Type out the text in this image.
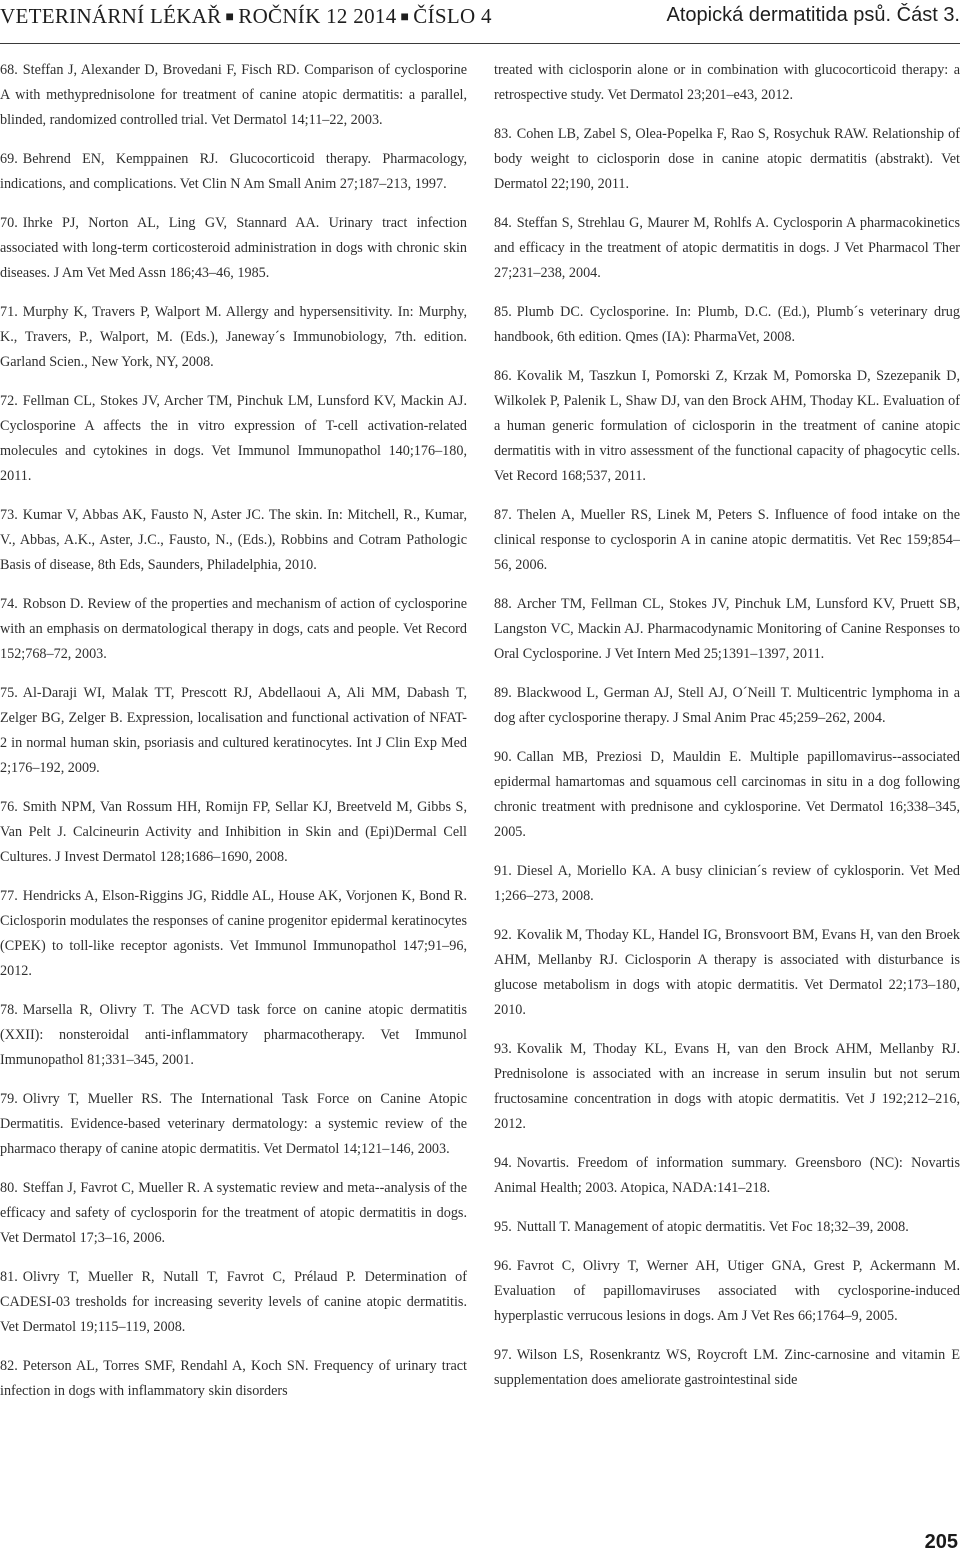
VETERINÁRNÍ LÉKAŘ ■ ROČNÍK 12 2014 ■ ČÍSLO 4	Atopická dermatitida psů. Část 3.

68. Steffan J, Alexander D, Brovedani F, Fisch RD. Comparison of cyclosporine A with methyprednisolone for treatment of canine atopic dermatitis: a parallel, blinded, randomized controlled trial. Vet Dermatol 14;11–22, 2003.

69. Behrend EN, Kemppainen RJ. Glucocorticoid therapy. Pharmacology, indications, and complications. Vet Clin N Am Small Anim 27;187–213, 1997.

70. Ihrke PJ, Norton AL, Ling GV, Stannard AA. Urinary tract infection associated with long-term corticosteroid administration in dogs with chronic skin diseases. J Am Vet Med Assn 186;43–46, 1985.

71. Murphy K, Travers P, Walport M. Allergy and hypersensitivity. In: Murphy, K., Travers, P., Walport, M. (Eds.), Janeway´s Immunobiology, 7th. edition. Garland Scien., New York, NY, 2008.

72. Fellman CL, Stokes JV, Archer TM, Pinchuk LM, Lunsford KV, Mackin AJ. Cyclosporine A affects the in vitro expression of T-cell activation-related molecules and cytokines in dogs. Vet Immunol Immunopathol 140;176–180, 2011.

73. Kumar V, Abbas AK, Fausto N, Aster JC. The skin. In: Mitchell, R., Kumar, V., Abbas, A.K., Aster, J.C., Fausto, N., (Eds.), Robbins and Cotram Pathologic Basis of disease, 8th Eds, Saunders, Philadelphia, 2010.

74. Robson D. Review of the properties and mechanism of action of cyclosporine with an emphasis on dermatological therapy in dogs, cats and people. Vet Record 152;768–72, 2003.

75. Al-Daraji WI, Malak TT, Prescott RJ, Abdellaoui A, Ali MM, Dabash T, Zelger BG, Zelger B. Expression, localisation and functional activation of NFAT-2 in normal human skin, psoriasis and cultured keratinocytes. Int J Clin Exp Med 2;176–192, 2009.

76. Smith NPM, Van Rossum HH, Romijn FP, Sellar KJ, Breetveld M, Gibbs S, Van Pelt J. Calcineurin Activity and Inhibition in Skin and (Epi)Dermal Cell Cultures. J Invest Dermatol 128;1686–1690, 2008.

77. Hendricks A, Elson-Riggins JG, Riddle AL, House AK, Vorjonen K, Bond R. Ciclosporin modulates the responses of canine progenitor epidermal keratinocytes (CPEK) to toll-like receptor agonists. Vet Immunol Immunopathol 147;91–96, 2012.

78. Marsella R, Olivry T. The ACVD task force on canine atopic dermatitis (XXII): nonsteroidal anti-inflammatory pharmacotherapy. Vet Immunol Immunopathol 81;331–345, 2001.

79. Olivry T, Mueller RS. The International Task Force on Canine Atopic Dermatitis. Evidence-based veterinary dermatology: a systemic review of the pharmaco therapy of canine atopic dermatitis. Vet Dermatol 14;121–146, 2003.

80. Steffan J, Favrot C, Mueller R. A systematic review and meta--analysis of the efficacy and safety of cyclosporin for the treatment of atopic dermatitis in dogs. Vet Dermatol 17;3–16, 2006.

81. Olivry T, Mueller R, Nutall T, Favrot C, Prélaud P. Determination of CADESI-03 tresholds for increasing severity levels of canine atopic dermatitis. Vet Dermatol 19;115–119, 2008.

82. Peterson AL, Torres SMF, Rendahl A, Koch SN. Frequency of urinary tract infection in dogs with inflammatory skin disorders

treated with ciclosporin alone or in combination with glucocorticoid therapy: a retrospective study. Vet Dermatol 23;201–e43, 2012.

83. Cohen LB, Zabel S, Olea-Popelka F, Rao S, Rosychuk RAW. Relationship of body weight to ciclosporin dose in canine atopic dermatitis (abstrakt). Vet Dermatol 22;190, 2011.

84. Steffan S, Strehlau G, Maurer M, Rohlfs A. Cyclosporin A pharmacokinetics and efficacy in the treatment of atopic dermatitis in dogs. J Vet Pharmacol Ther 27;231–238, 2004.

85. Plumb DC. Cyclosporine. In: Plumb, D.C. (Ed.), Plumb´s veterinary drug handbook, 6th edition. Qmes (IA): PharmaVet, 2008.

86. Kovalik M, Taszkun I, Pomorski Z, Krzak M, Pomorska D, Szezepanik D, Wilkolek P, Palenik L, Shaw DJ, van den Brock AHM, Thoday KL. Evaluation of a human generic formulation of ciclosporin in the treatment of canine atopic dermatitis with in vitro assessment of the functional capacity of phagocytic cells. Vet Record 168;537, 2011.

87. Thelen A, Mueller RS, Linek M, Peters S. Influence of food intake on the clinical response to cyclosporin A in canine atopic dermatitis. Vet Rec 159;854–56, 2006.

88. Archer TM, Fellman CL, Stokes JV, Pinchuk LM, Lunsford KV, Pruett SB, Langston VC, Mackin AJ. Pharmacodynamic Monitoring of Canine Responses to Oral Cyclosporine. J Vet Intern Med 25;1391–1397, 2011.

89. Blackwood L, German AJ, Stell AJ, O´Neill T. Multicentric lymphoma in a dog after cyclosporine therapy. J Smal Anim Prac 45;259–262, 2004.

90. Callan MB, Preziosi D, Mauldin E. Multiple papillomavirus--associated epidermal hamartomas and squamous cell carcinomas in situ in a dog following chronic treatment with prednisone and cyklosporine. Vet Dermatol 16;338–345, 2005.

91. Diesel A, Moriello KA. A busy clinician´s review of cyklosporin. Vet Med 1;266–273, 2008.

92. Kovalik M, Thoday KL, Handel IG, Bronsvoort BM, Evans H, van den Broek AHM, Mellanby RJ. Ciclosporin A therapy is associated with disturbance is glucose metabolism in dogs with atopic dermatitis. Vet Dermatol 22;173–180, 2010.

93. Kovalik M, Thoday KL, Evans H, van den Brock AHM, Mellanby RJ. Prednisolone is associated with an increase in serum insulin but not serum fructosamine concentration in dogs with atopic dermatitis. Vet J 192;212–216, 2012.

94. Novartis. Freedom of information summary. Greensboro (NC): Novartis Animal Health; 2003. Atopica, NADA:141–218.

95. Nuttall T. Management of atopic dermatitis. Vet Foc 18;32–39, 2008.

96. Favrot C, Olivry T, Werner AH, Utiger GNA, Grest P, Ackermann M. Evaluation of papillomaviruses associated with cyclosporine-induced hyperplastic verrucous lesions in dogs. Am J Vet Res 66;1764–9, 2005.

97. Wilson LS, Rosenkrantz WS, Roycroft LM. Zinc-carnosine and vitamin E supplementation does ameliorate gastrointestinal side

205
